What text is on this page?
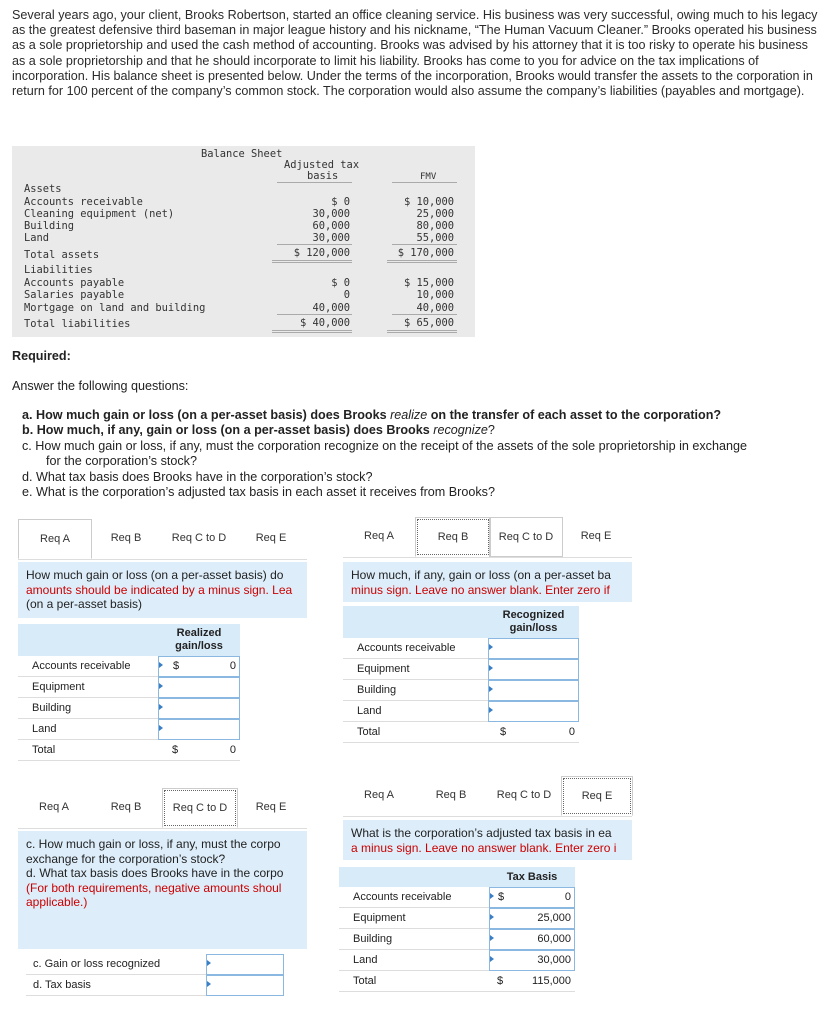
Several years ago, your client, Brooks Robertson, started an office cleaning service. His business was very successful, owing much to his legacy as the greatest defensive third baseman in major league history and his nickname, “The Human Vacuum Cleaner.” Brooks operated his business as a sole proprietorship and used the cash method of accounting. Brooks was advised by his attorney that it is too risky to operate his business as a sole proprietorship and that he should incorporate to limit his liability. Brooks has come to you for advice on the tax implications of incorporation. His balance sheet is presented below. Under the terms of the incorporation, Brooks would transfer the assets to the corporation in return for 100 percent of the company’s common stock. The corporation would also assume the company’s liabilities (payables and mortgage).
Balance Sheet
Adjusted tax
basis	FMV
Assets
Accounts receivable	$ 0	$ 10,000
Cleaning equipment (net)	30,000	25,000
Building	60,000	80,000
Land	30,000	55,000
Total assets	$ 120,000	$ 170,000
Liabilities
Accounts payable	$ 0	$ 15,000
Salaries payable	0	10,000
Mortgage on land and building	40,000	40,000
Total liabilities	$ 40,000	$ 65,000
Required:
Answer the following questions:
a. How much gain or loss (on a per-asset basis) does Brooks realize on the transfer of each asset to the corporation?
b. How much, if any, gain or loss (on a per-asset basis) does Brooks recognize?
c. How much gain or loss, if any, must the corporation recognize on the receipt of the assets of the sole proprietorship in exchange
for the corporation’s stock?
d. What tax basis does Brooks have in the corporation’s stock?
e. What is the corporation’s adjusted tax basis in each asset it receives from Brooks?
Req A	Req B	Req C to D	Req E
How much gain or loss (on a per-asset basis) do
amounts should be indicated by a minus sign. Lea
(on a per-asset basis)
Realized
gain/loss
Accounts receivable	$	0
Equipment
Building
Land
Total	$	0
Req A	Req B	Req C to D	Req E
How much, if any, gain or loss (on a per-asset ba
minus sign. Leave no answer blank. Enter zero if
Recognized
gain/loss
Accounts receivable
Equipment
Building
Land
Total	$	0
Req A	Req B	Req C to D	Req E
c. How much gain or loss, if any, must the corpo
exchange for the corporation’s stock?
d. What tax basis does Brooks have in the corpo
(For both requirements, negative amounts shoul
applicable.)
c. Gain or loss recognized
d. Tax basis
Req A	Req B	Req C to D	Req E
What is the corporation’s adjusted tax basis in ea
a minus sign. Leave no answer blank. Enter zero i
Tax Basis
Accounts receivable	$	0
Equipment	25,000
Building	60,000
Land	30,000
Total	$	115,000
